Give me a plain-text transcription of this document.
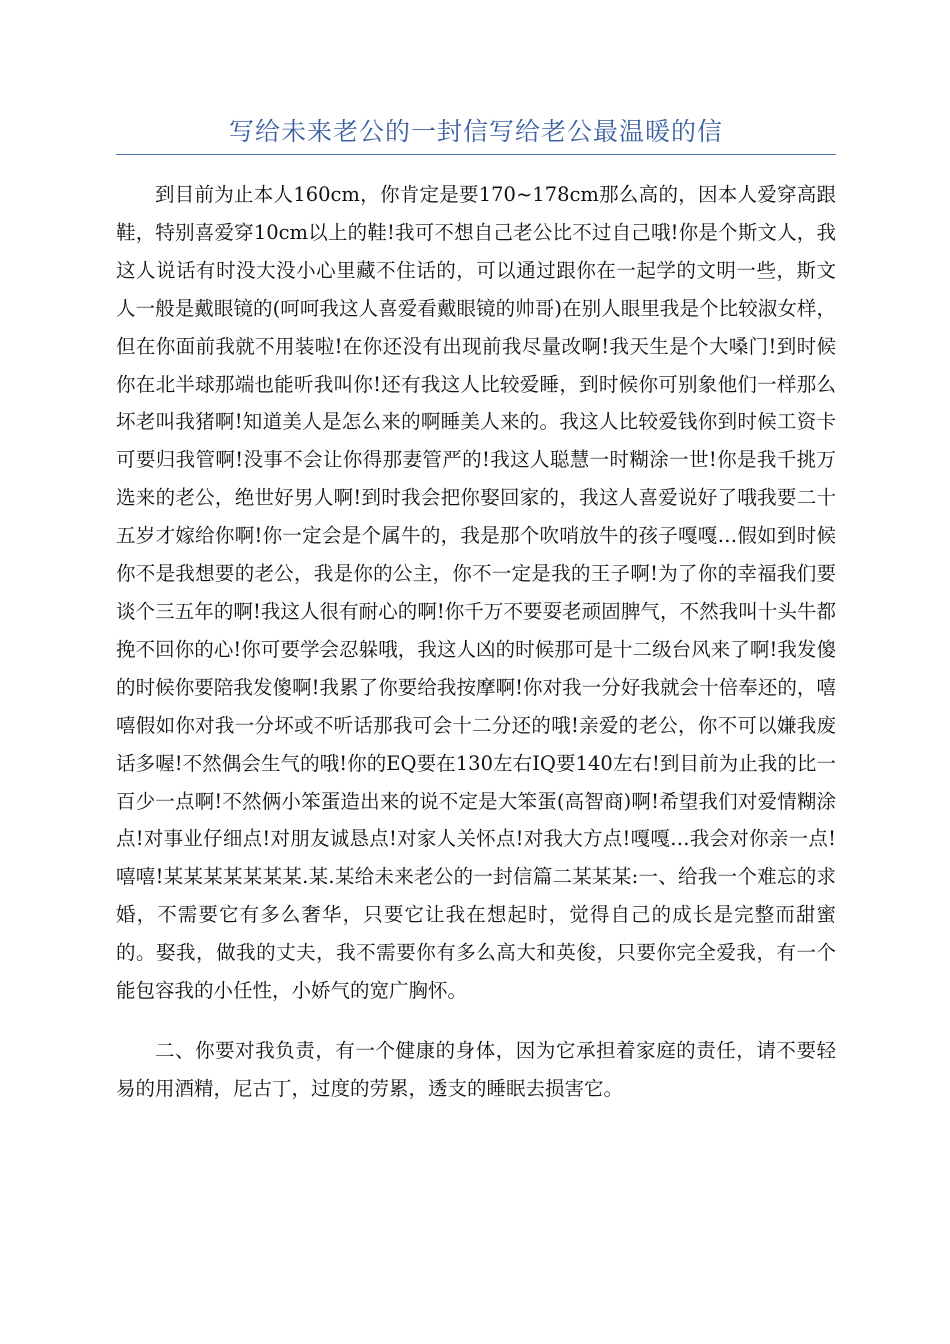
写给未来老公的一封信写给老公最温暖的信

到目前为止本人160cm，你肯定是要170~178cm那么高的，因本人爱穿高跟鞋，特别喜爱穿10cm以上的鞋!我可不想自己老公比不过自己哦!你是个斯文人，我这人说话有时没大没小心里藏不住话的，可以通过跟你在一起学的文明一些，斯文人一般是戴眼镜的(呵呵我这人喜爱看戴眼镜的帅哥)在别人眼里我是个比较淑女样，但在你面前我就不用装啦!在你还没有出现前我尽量改啊!我天生是个大嗓门!到时候你在北半球那端也能听我叫你!还有我这人比较爱睡，到时候你可别象他们一样那么坏老叫我猪啊!知道美人是怎么来的啊睡美人来的。我这人比较爱钱你到时候工资卡可要归我管啊!没事不会让你得那妻管严的!我这人聪慧一时糊涂一世!你是我千挑万选来的老公，绝世好男人啊!到时我会把你娶回家的，我这人喜爱说好了哦我要二十五岁才嫁给你啊!你一定会是个属牛的，我是那个吹哨放牛的孩子嘎嘎…假如到时候你不是我想要的老公，我是你的公主，你不一定是我的王子啊!为了你的幸福我们要谈个三五年的啊!我这人很有耐心的啊!你千万不要耍老顽固脾气，不然我叫十头牛都挽不回你的心!你可要学会忍躲哦，我这人凶的时候那可是十二级台风来了啊!我发傻的时候你要陪我发傻啊!我累了你要给我按摩啊!你对我一分好我就会十倍奉还的，嘻嘻假如你对我一分坏或不听话那我可会十二分还的哦!亲爱的老公，你不可以嫌我废话多喔!不然偶会生气的哦!你的EQ要在130左右IQ要140左右!到目前为止我的比一百少一点啊!不然俩小笨蛋造出来的说不定是大笨蛋(高智商)啊!希望我们对爱情糊涂点!对事业仔细点!对朋友诚恳点!对家人关怀点!对我大方点!嘎嘎…我会对你亲一点!嘻嘻!某某某某某某某.某.某给未来老公的一封信篇二某某某:一、给我一个难忘的求婚，不需要它有多么奢华，只要它让我在想起时，觉得自己的成长是完整而甜蜜的。娶我，做我的丈夫，我不需要你有多么高大和英俊，只要你完全爱我，有一个能包容我的小任性，小娇气的宽广胸怀。

二、你要对我负责，有一个健康的身体，因为它承担着家庭的责任，请不要轻易的用酒精，尼古丁，过度的劳累，透支的睡眠去损害它。
